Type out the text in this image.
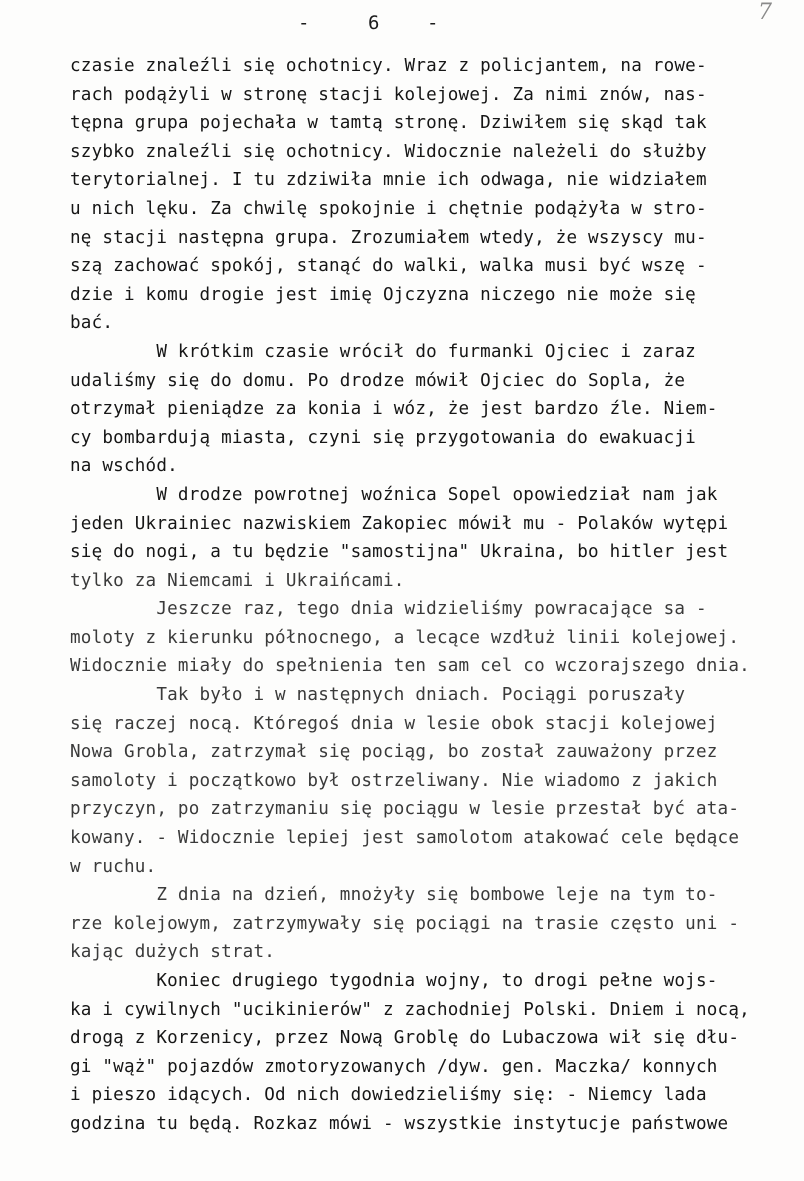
-	6	-	7
czasie znaleźli się ochotnicy. Wraz z policjantem, na rowe-
rach podążyli w stronę stacji kolejowej. Za nimi znów, nas-
tępna grupa pojechała w tamtą stronę. Dziwiłem się skąd tak
szybko znaleźli się ochotnicy. Widocznie należeli do służby
terytorialnej. I tu zdziwiła mnie ich odwaga, nie widziałem
u nich lęku. Za chwilę spokojnie i chętnie podążyła w stro-
nę stacji następna grupa. Zrozumiałem wtedy, że wszyscy mu-
szą zachować spokój, stanąć do walki, walka musi być wszę -
dzie i komu drogie jest imię Ojczyzna niczego nie może się
bać.
W krótkim czasie wrócił do furmanki Ojciec i zaraz
udaliśmy się do domu. Po drodze mówił Ojciec do Sopla, że
otrzymał pieniądze za konia i wóz, że jest bardzo źle. Niem-
cy bombardują miasta, czyni się przygotowania do ewakuacji
na wschód.
W drodze powrotnej woźnica Sopel opowiedział nam jak
jeden Ukrainiec nazwiskiem Zakopiec mówił mu - Polaków wytępi
się do nogi, a tu będzie "samostijna" Ukraina, bo hitler jest
tylko za Niemcami i Ukraińcami.
Jeszcze raz, tego dnia widzieliśmy powracające sa -
moloty z kierunku północnego, a lecące wzdłuż linii kolejowej.
Widocznie miały do spełnienia ten sam cel co wczorajszego dnia.
Tak było i w następnych dniach. Pociągi poruszały
się raczej nocą. Któregoś dnia w lesie obok stacji kolejowej
Nowa Grobla, zatrzymał się pociąg, bo został zauważony przez
samoloty i początkowo był ostrzeliwany. Nie wiadomo z jakich
przyczyn, po zatrzymaniu się pociągu w lesie przestał być ata-
kowany. - Widocznie lepiej jest samolotom atakować cele będące
w ruchu.
Z dnia na dzień, mnożyły się bombowe leje na tym to-
rze kolejowym, zatrzymywały się pociągi na trasie często uni -
kając dużych strat.
Koniec drugiego tygodnia wojny, to drogi pełne wojs-
ka i cywilnych "ucikinierów" z zachodniej Polski. Dniem i nocą,
drogą z Korzenicy, przez Nową Groblę do Lubaczowa wił się dłu-
gi "wąż" pojazdów zmotoryzowanych /dyw. gen. Maczka/ konnych
i pieszo idących. Od nich dowiedzieliśmy się: - Niemcy lada
godzina tu będą. Rozkaz mówi - wszystkie instytucje państwowe
